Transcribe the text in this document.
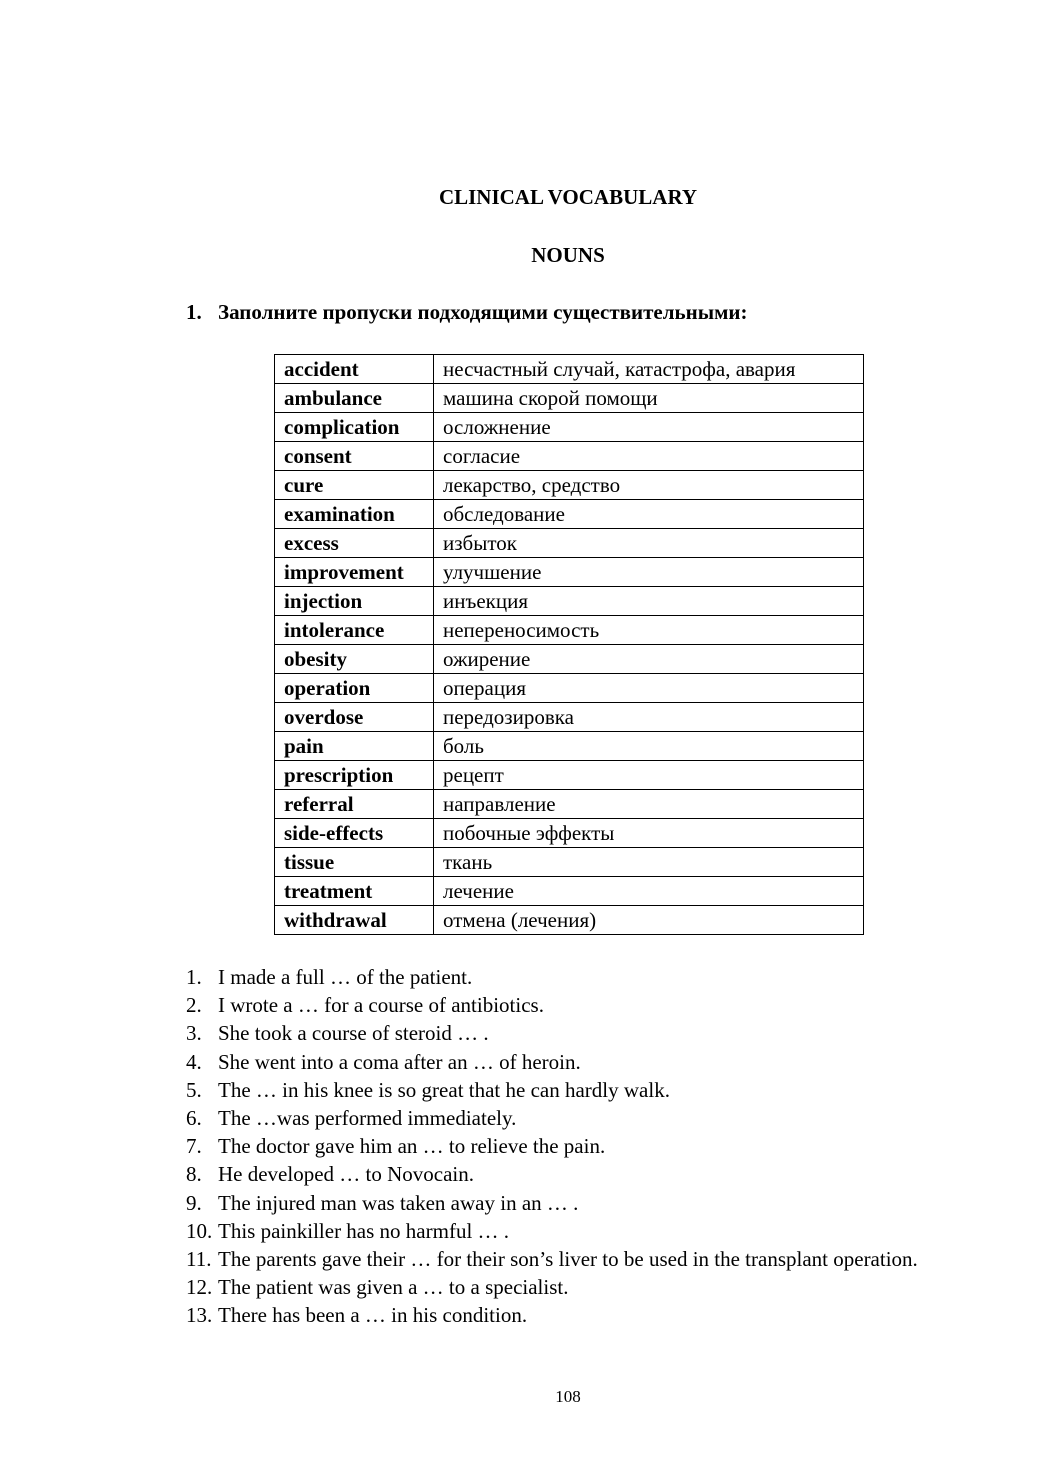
CLINICAL VOCABULARY
NOUNS
1. Заполните пропуски подходящими существительными:
accident	несчастный случай, катастрофа, авария
ambulance	машина скорой помощи
complication	осложнение
consent	согласие
cure	лекарство, средство
examination	обследование
excess	избыток
improvement	улучшение
injection	инъекция
intolerance	непереносимость
obesity	ожирение
operation	операция
overdose	передозировка
pain	боль
prescription	рецепт
referral	направление
side-effects	побочные эффекты
tissue	ткань
treatment	лечение
withdrawal	отмена (лечения)
1. I made a full … of the patient.
2. I wrote a … for a course of antibiotics.
3. She took a course of steroid … .
4. She went into a coma after an … of heroin.
5. The … in his knee is so great that he can hardly walk.
6. The …was performed immediately.
7. The doctor gave him an … to relieve the pain.
8. He developed … to Novocain.
9. The injured man was taken away in an … .
10. This painkiller has no harmful … .
11. The parents gave their … for their son’s liver to be used in the transplant operation.
12. The patient was given a … to a specialist.
13. There has been a … in his condition.
108
